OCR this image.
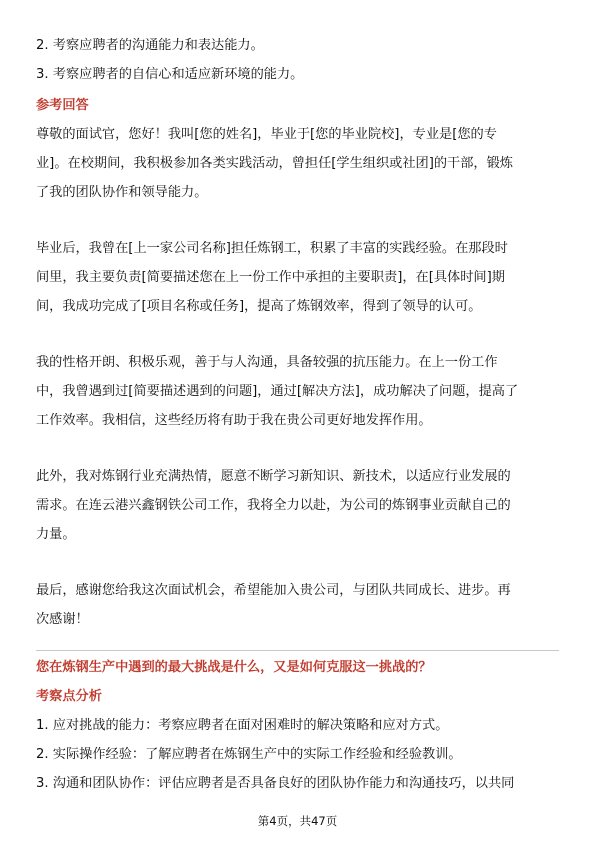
2. 考察应聘者的沟通能力和表达能力。
3. 考察应聘者的自信心和适应新环境的能力。
参考回答
尊敬的面试官，您好！我叫[您的姓名]，毕业于[您的毕业院校]，专业是[您的专
业]。在校期间，我积极参加各类实践活动，曾担任[学生组织或社团]的干部，锻炼
了我的团队协作和领导能力。
毕业后，我曾在[上一家公司名称]担任炼钢工，积累了丰富的实践经验。在那段时
间里，我主要负责[简要描述您在上一份工作中承担的主要职责]，在[具体时间]期
间，我成功完成了[项目名称或任务]，提高了炼钢效率，得到了领导的认可。
我的性格开朗、积极乐观，善于与人沟通，具备较强的抗压能力。在上一份工作
中，我曾遇到过[简要描述遇到的问题]，通过[解决方法]，成功解决了问题，提高了
工作效率。我相信，这些经历将有助于我在贵公司更好地发挥作用。
此外，我对炼钢行业充满热情，愿意不断学习新知识、新技术，以适应行业发展的
需求。在连云港兴鑫钢铁公司工作，我将全力以赴，为公司的炼钢事业贡献自己的
力量。
最后，感谢您给我这次面试机会，希望能加入贵公司，与团队共同成长、进步。再
次感谢！
您在炼钢生产中遇到的最大挑战是什么，又是如何克服这一挑战的？
考察点分析
1. 应对挑战的能力：考察应聘者在面对困难时的解决策略和应对方式。
2. 实际操作经验：了解应聘者在炼钢生产中的实际工作经验和经验教训。
3. 沟通和团队协作：评估应聘者是否具备良好的团队协作能力和沟通技巧，以共同
第4页，共47页
